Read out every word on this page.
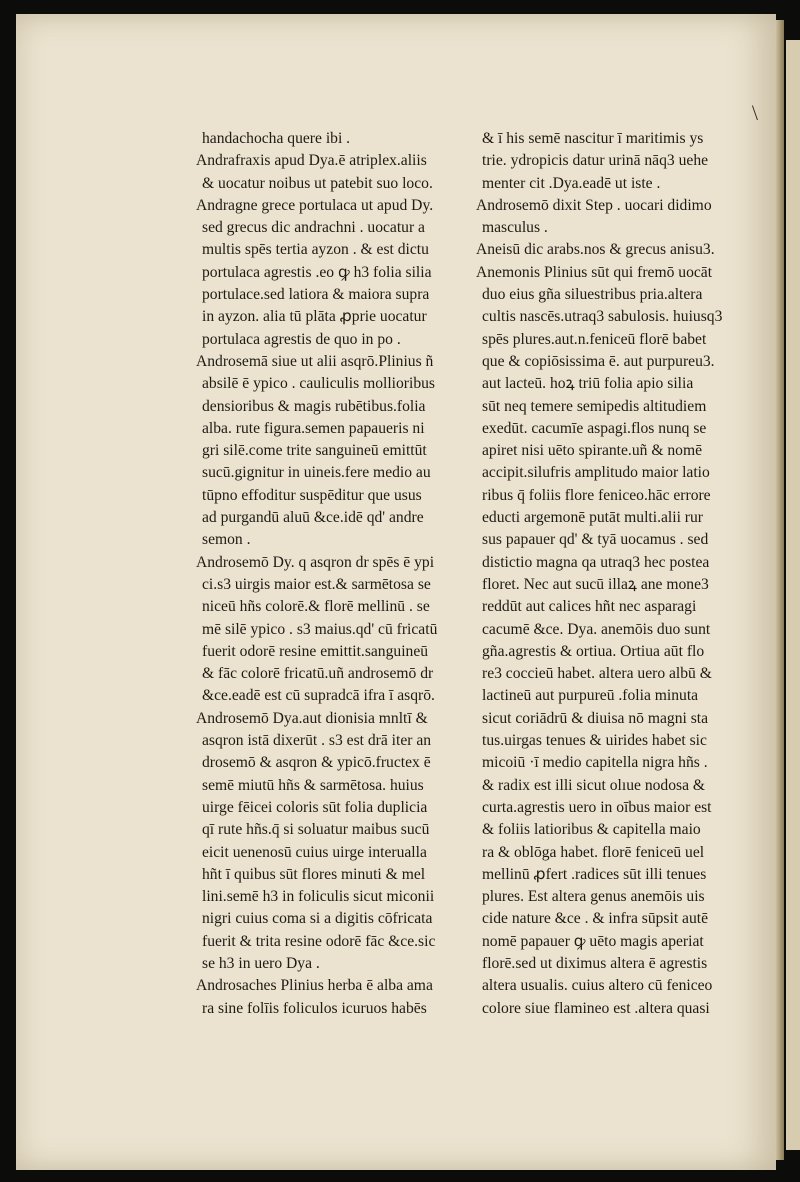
\
handachocha quere ibi .
Andrafraxis apud Dya.ē atriplex.aliis
& uocatur noibus ut patebit suo loco.
Andragne grece portulaca ut apud Dy.
sed grecus dic andrachni . uocatur a
multis spēs tertia ayzon . & est dictu
portulaca agrestis .eo ꝙ h3 folia silia
portulace.sed latiora & maiora supra
in ayzon. alia tū plāta ꝓprie uocatur
portulaca agrestis de quo in po .
Androsemā siue ut alii asqrō.Plinius ñ
absilē ē ypico . cauliculis mollioribus
densioribus & magis rubētibus.folia
alba. rute figura.semen papaueris ni
gri silē.come trite sanguineū emittūt
sucū.gignitur in uineis.fere medio au
tūpno effoditur suspēditur que usus
ad purgandū aluū &ce.idē qd' andre
semon .
Androsemō Dy. q asqron dr spēs ē ypi
ci.s3 uirgis maior est.& sarmētosa se
niceū hñs colorē.& florē mellinū . se
mē silē ypico . s3 maius.qd' cū fricatū
fuerit odorē resine emittit.sanguineū
& fāc colorē fricatū.uñ androsemō dr
&ce.eadē est cū supradcā ifra ī asqrō.
Androsemō Dya.aut dionisia mnltī &
asqron istā dixerūt . s3 est drā iter an
drosemō & asqron & ypicō.fructex ē
semē miutū hñs & sarmētosa. huius
uirge fēicei coloris sūt folia duplicia
qī rute hñs.q̄ si soluatur maibus sucū
eicit uenenosū cuius uirge interualla
hñt ī quibus sūt flores minuti & mel
lini.semē h3 in foliculis sicut miconii
nigri cuius coma si a digitis cōfricata
fuerit & trita resine odorē fāc &ce.sic
se h3 in uero Dya .
Androsaches Plinius herba ē alba ama
ra sine folīis foliculos icuruos habēs
& ī his semē nascitur ī maritimis ys
trie. ydropicis datur urinā nāq3 uehe
menter cit .Dya.eadē ut iste .
Androsemō dixit Step . uocari didimo
masculus .
Aneisū dic arabs.nos & grecus anisu3.
Anemonis Plinius sūt qui fremō uocāt
duo eius gña siluestribus pria.altera
cultis nascēs.utraq3 sabulosis. huiusq3
spēs plures.aut.n.feniceū florē babet
que & copiōsissima ē. aut purpureu3.
aut lacteū. hoꝝ triū folia apio silia
sūt neq temere semipedis altitudiem
exedūt. cacumīe aspagi.flos nunq se
apiret nisi uēto spirante.uñ & nomē
accipit.silufris amplitudo maior latio
ribus q̄ foliis flore feniceo.hāc errore
educti argemonē putāt multi.alii rur
sus papauer qd' & tyā uocamus . sed
distictio magna qa utraq3 hec postea
floret. Nec aut sucū illaꝝ ane mone3
reddūt aut calices hñt nec asparagi
cacumē &ce. Dya. anemōis duo sunt
gña.agrestis & ortiua. Ortiua aūt flo
re3 coccieū habet. altera uero albū &
lactineū aut purpureū .folia minuta
sicut coriādrū & diuisa nō magni sta
tus.uirgas tenues & uirides habet sic
micoiū ·ī medio capitella nigra hñs .
& radix est illi sicut olıue nodosa &
curta.agrestis uero in oībus maior est
& foliis latioribus & capitella maio
ra & oblōga habet. florē feniceū uel
mellinū ꝓfert .radices sūt illi tenues
plures. Est altera genus anemōis uis
cide nature &ce . & infra sūpsit autē
nomē papauer ꝙ uēto magis aperiat
florē.sed ut diximus altera ē agrestis
altera usualis. cuius altero cū feniceo
colore siue flamineo est .altera quasi
